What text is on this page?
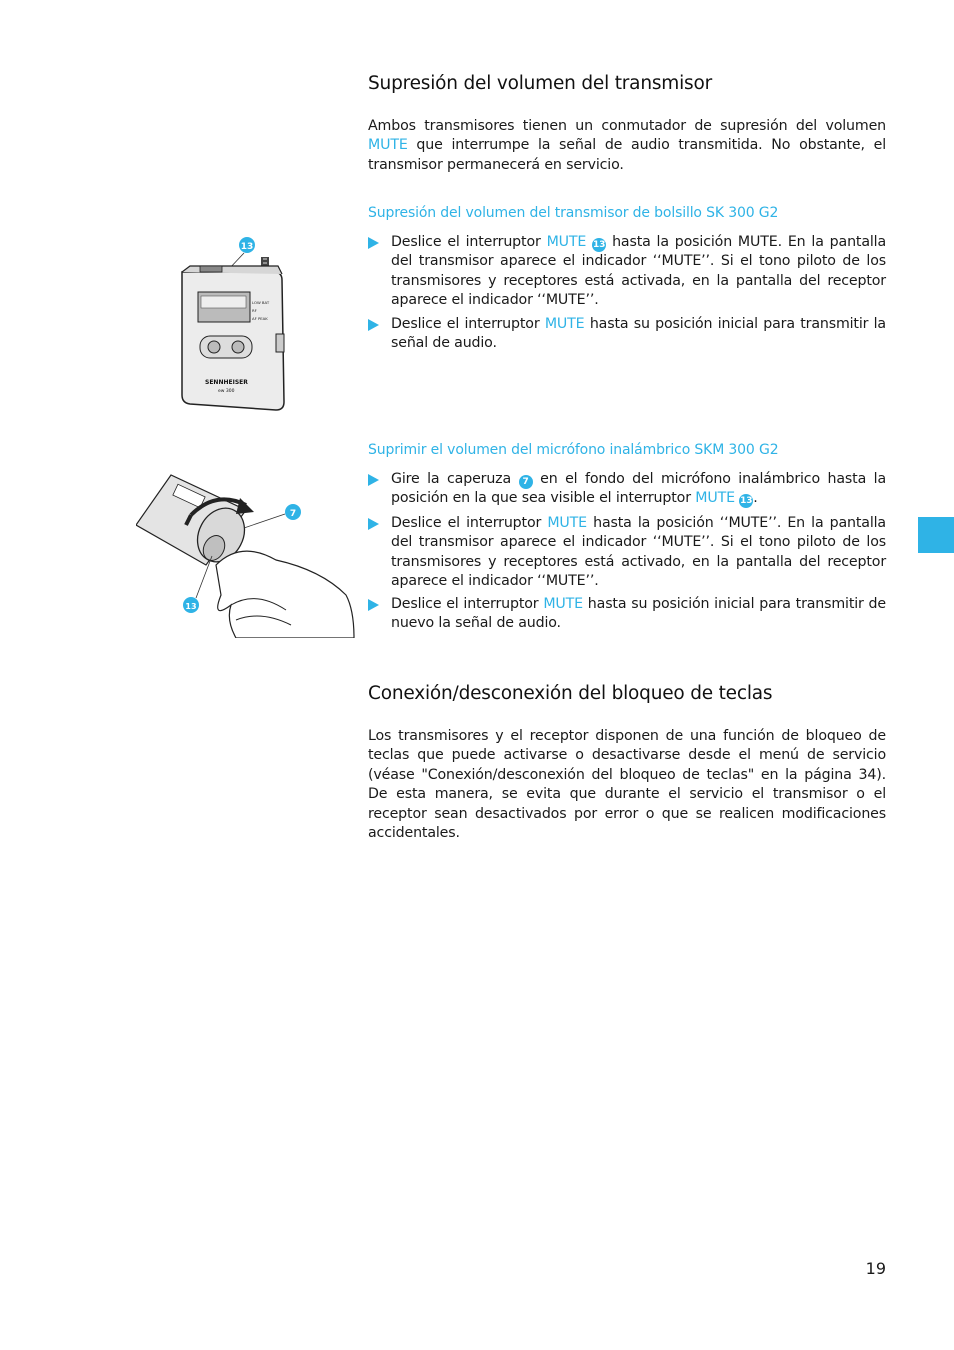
Supresión del volumen del transmisor

Ambos transmisores tienen un conmutador de supresión del volumen MUTE que interrumpe la señal de audio transmitida. No obstante, el transmisor permanecerá en servicio.

Supresión del volumen del transmisor de bolsillo SK 300 G2

Deslice el interruptor MUTE 13 hasta la posición MUTE. En la pantalla del transmisor aparece el indicador ‘‘MUTE’’. Si el tono piloto de los transmisores y receptores está activada, en la pantalla del receptor aparece el indicador ‘‘MUTE’’.

Deslice el interruptor MUTE hasta su posición inicial para transmitir la señal de audio.

13
LOW BAT
RF
AF PEAK
SENNHEISER
ew 300
Suprimir el volumen del micrófono inalámbrico SKM 300 G2

Gire la caperuza 7 en el fondo del micrófono inalámbrico hasta la posición en la que sea visible el interruptor MUTE 13.

Deslice el interruptor MUTE hasta la posición ‘‘MUTE’’. En la pantalla del transmisor aparece el indicador ‘‘MUTE’’. Si el tono piloto de los transmisores y receptores está activado, en la pantalla del receptor aparece el indicador ‘‘MUTE’’.

Deslice el interruptor MUTE hasta su posición inicial para transmitir de nuevo la señal de audio.

7
13
Conexión/desconexión del bloqueo de teclas

Los transmisores y el receptor disponen de una función de bloqueo de teclas que puede activarse o desactivarse desde el menú de servicio (véase "Conexión/desconexión del bloqueo de teclas" en la página 34). De esta manera, se evita que durante el servicio el transmisor o el receptor sean desactivados por error o que se realicen modificaciones accidentales.

19
